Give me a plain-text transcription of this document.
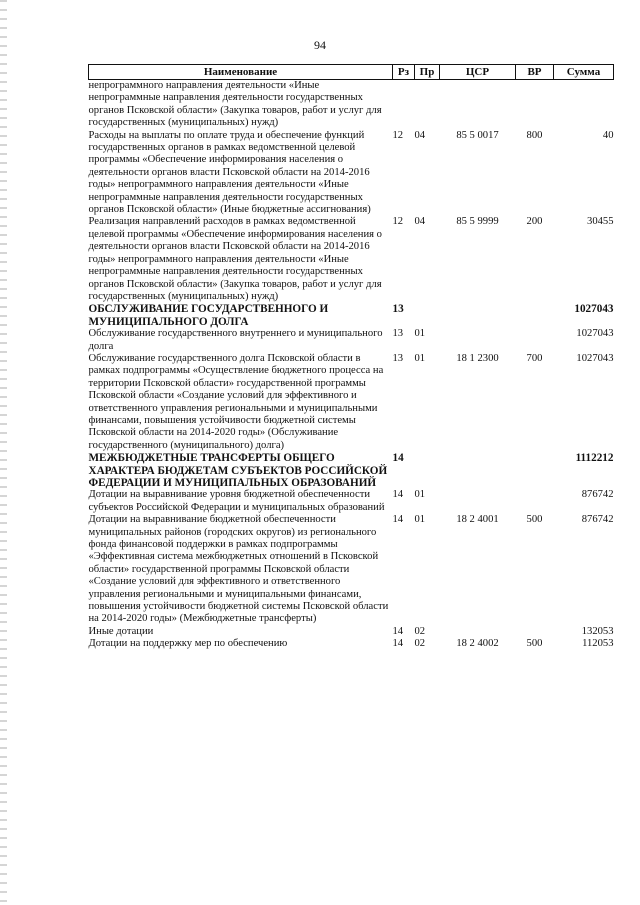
94
Наименование	Рз	Пр	ЦСР	ВР	Сумма
непрограммного направления деятельности «Иные непрограммные направления деятельности государственных органов Псковской области» (Закупка товаров, работ и услуг для государственных (муниципальных) нужд)					
Расходы на выплаты по оплате труда и обеспечение функций государственных органов в рамках ведомственной целевой программы «Обеспечение информирования населения о деятельности органов власти Псковской области на 2014-2016 годы» непрограммного направления деятельности «Иные непрограммные направления деятельности государственных органов Псковской области» (Иные бюджетные ассигнования)	12	04	85 5 0017	800	40
Реализация направлений расходов в рамках ведомственной целевой программы «Обеспечение информирования населения о деятельности органов власти Псковской области на 2014-2016 годы» непрограммного направления деятельности «Иные непрограммные направления деятельности государственных органов Псковской области» (Закупка товаров, работ и услуг для государственных (муниципальных) нужд)	12	04	85 5 9999	200	30455
ОБСЛУЖИВАНИЕ ГОСУДАРСТВЕННОГО И МУНИЦИПАЛЬНОГО ДОЛГА	13				1027043
Обслуживание государственного внутреннего и муниципального долга	13	01			1027043
Обслуживание государственного долга Псковской области в рамках подпрограммы «Осуществление бюджетного процесса на территории Псковской области» государственной программы Псковской области «Создание условий для эффективного и ответственного управления региональными и муниципальными финансами, повышения устойчивости бюджетной системы Псковской области на 2014-2020 годы» (Обслуживание государственного (муниципального) долга)	13	01	18 1 2300	700	1027043
МЕЖБЮДЖЕТНЫЕ ТРАНСФЕРТЫ ОБЩЕГО ХАРАКТЕРА БЮДЖЕТАМ СУБЪЕКТОВ РОССИЙСКОЙ ФЕДЕРАЦИИ И МУНИЦИПАЛЬНЫХ ОБРАЗОВАНИЙ	14				1112212
Дотации на выравнивание уровня бюджетной обеспеченности субъектов Российской Федерации и муниципальных образований	14	01			876742
Дотации на выравнивание бюджетной обеспеченности муниципальных районов (городских округов) из регионального фонда финансовой поддержки в рамках подпрограммы «Эффективная система межбюджетных отношений в Псковской области» государственной программы Псковской области «Создание условий для эффективного и ответственного управления региональными и муниципальными финансами, повышения устойчивости бюджетной системы Псковской области на 2014-2020 годы» (Межбюджетные трансферты)	14	01	18 2 4001	500	876742
Иные дотации	14	02			132053
Дотации на поддержку мер по обеспечению	14	02	18 2 4002	500	112053
